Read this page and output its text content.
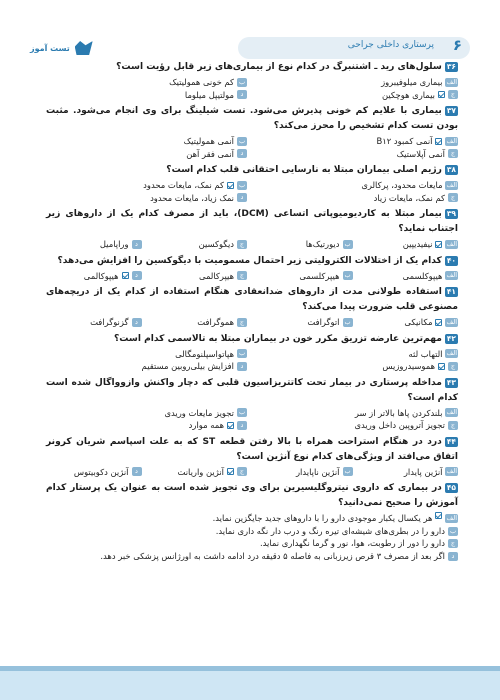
تست آموز	پرستاری داخلی جراحی ۶
۳۶سلول‌های رید ـ اشتنبرگ در کدام نوع از بیماری‌های زیر قابل رؤیت است؟
الف
بیماری میلوفیبروز
ب
کم خونی همولیتیک
ج
بیماری هوچکین
د
مولتیپل میلوما
۳۷بیماری با علایم کم خونی پذیرش می‌شود. تست شیلینگ برای وی انجام می‌شود. مثبت بودن تست کدام تشخیص را محرز می‌کند؟
الف
آنمی کمبود B۱۲
ب
آنمی همولیتیک
ج
آنمی آپلاستیک
د
آنمی فقر آهن
۳۸رژیم اصلی بیماران مبتلا به نارسایی احتقانی قلب کدام است؟
الف
مایعات محدود، پرکالری
ب
کم نمک، مایعات محدود
ج
کم نمک، مایعات زیاد
د
نمک زیاد، مایعات محدود
۳۹بیمار مبتلا به کاردیومیوپاتی اتساعی (DCM)، باید از مصرف کدام یک از داروهای زیر اجتناب نماید؟
الف
نیفیدیپین
ب
دیورتیک‌ها
ج
دیگوکسین
د
وراپامیل
۴۰کدام یک از اختلالات الکترولیتی زیر احتمال مسمومیت با دیگوکسین را افزایش می‌دهد؟
الف
هیپوکلسمی
ب
هیپرکلسمی
ج
هیپرکالمی
د
هیپوکالمی
۴۱استفاده طولانی مدت از داروهای ضدانعقادی هنگام استفاده از کدام یک از دریچه‌های مصنوعی قلب ضرورت پیدا می‌کند؟
الف
مکانیکی
ب
اتوگرافت
ج
هموگرافت
د
گزنوگرافت
۴۲مهم‌ترین عارضه تزریق مکرر خون در بیماران مبتلا به تالاسمی کدام است؟
الف
التهاب لثه
ب
هپاتواسپلنومگالی
ج
هموسیدروزیس
د
افزایش بیلی‌روبین مستقیم
۴۳مداخله پرستاری در بیمار تحت کاتتریزاسیون قلبی که دچار واکنش وازوواگال شده است کدام است؟
الف
بلندکردن پاها بالاتر از سر
ب
تجویز مایعات وریدی
ج
تجویز آتروپین داخل وریدی
د
همه موارد
۴۴درد در هنگام استراحت همراه با بالا رفتن قطعه ST که به علت اسپاسم شریان کرونر اتفاق می‌افتد از ویژگی‌های کدام نوع آنژین است؟
الف
آنژین پایدار
ب
آنژین ناپایدار
ج
آنژین واریانت
د
آنژین دکوبیتوس
۴۵در بیماری که داروی نیتروگلیسیرین برای وی تجویز شده است به عنوان یک پرستار کدام آموزش را صحیح نمی‌دانید؟
الف
هر یکسال یکبار موجودی دارو را با داروهای جدید جایگزین نماید.
ب
دارو را در بطری‌های شیشه‌ای تیره رنگ و درب دار نگه داری نماید.
ج
دارو را دور از رطوبت، هوا، نور و گرما نگهداری نماید.
د
اگر بعد از مصرف ۳ قرص زیرزبانی به فاصله ۵ دقیقه درد ادامه داشت به اورژانس پزشکی خبر دهد.
